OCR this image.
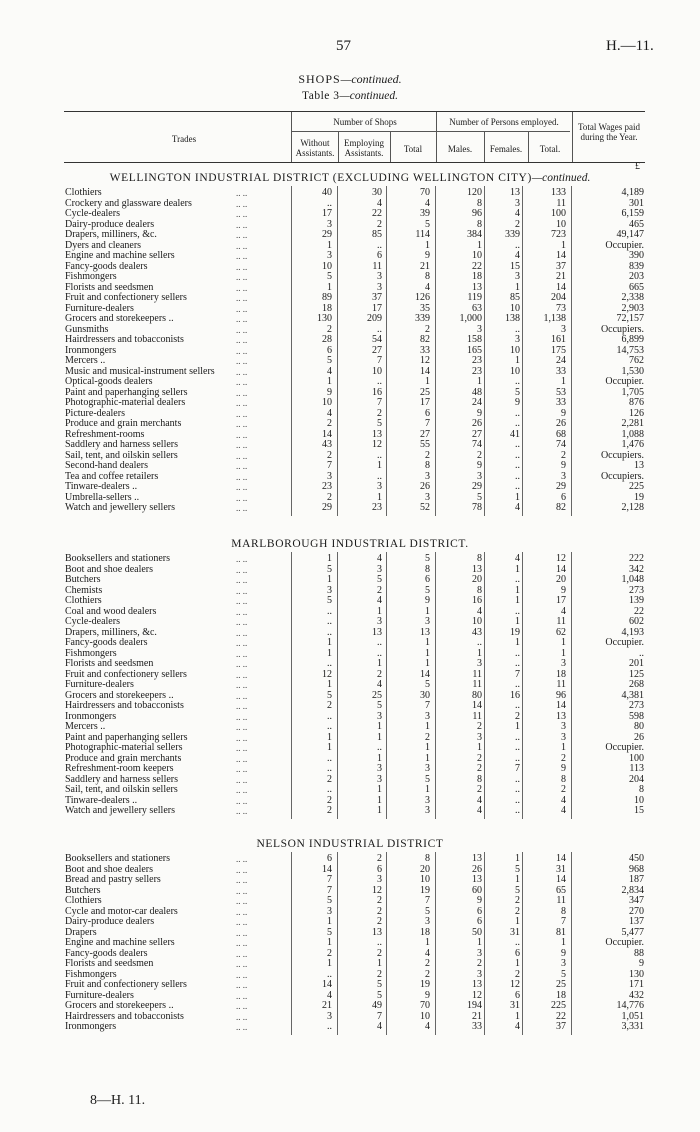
57	H.—11.
SHOPS—continued.
Table 3—continued.
Trades
Number of Shops
Without Assistants.
Employing Assistants.	Total
Number of Persons employed.
Males.	Females.	Total.
Total Wages paid during the Year.
£
WELLINGTON INDUSTRIAL DISTRICT (EXCLUDING WELLINGTON CITY)—continued.
Clothiers	.. ..	40	30	70	120	13	133	4,189
Crockery and glassware dealers	.. ..	..	4	4	8	3	11	301
Cycle-dealers	.. ..	17	22	39	96	4	100	6,159
Dairy-produce dealers	.. ..	3	2	5	8	2	10	465
Drapers, milliners, &c.	.. ..	29	85	114	384	339	723	49,147
Dyers and cleaners	.. ..	1	..	1	1	..	1	Occupier.
Engine and machine sellers	.. ..	3	6	9	10	4	14	390
Fancy-goods dealers	.. ..	10	11	21	22	15	37	839
Fishmongers	.. ..	5	3	8	18	3	21	203
Florists and seedsmen	.. ..	1	3	4	13	1	14	665
Fruit and confectionery sellers	.. ..	89	37	126	119	85	204	2,338
Furniture-dealers	.. ..	18	17	35	63	10	73	2,903
Grocers and storekeepers ..	.. ..	130	209	339	1,000	138	1,138	72,157
Gunsmiths	.. ..	2	..	2	3	..	3	Occupiers.
Hairdressers and tobacconists	.. ..	28	54	82	158	3	161	6,899
Ironmongers	.. ..	6	27	33	165	10	175	14,753
Mercers ..	.. ..	5	7	12	23	1	24	762
Music and musical-instrument sellers .. ..	4	10	14	23	10	33	1,530
Optical-goods dealers	.. ..	1	..	1	1	..	1	Occupier.
Paint and paperhanging sellers	.. ..	9	16	25	48	5	53	1,705
Photographic-material dealers	.. ..	10	7	17	24	9	33	876
Picture-dealers	.. ..	4	2	6	9	..	9	126
Produce and grain merchants	.. ..	2	5	7	26	..	26	2,281
Refreshment-rooms	.. ..	14	13	27	27	41	68	1,088
Saddlery and harness sellers	.. ..	43	12	55	74	..	74	1,476
Sail, tent, and oilskin sellers	.. ..	2	..	2	2	..	2	Occupiers.
Second-hand dealers	.. ..	7	1	8	9	..	9	13
Tea and coffee retailers	.. ..	3	..	3	3	..	3	Occupiers.
Tinware-dealers ..	.. ..	23	3	26	29	..	29	225
Umbrella-sellers ..	.. ..	2	1	3	5	1	6	19
Watch and jewellery sellers	.. ..	29	23	52	78	4	82	2,128
MARLBOROUGH INDUSTRIAL DISTRICT.
Booksellers and stationers	.. ..	1	4	5	8	4	12	222
Boot and shoe dealers	.. ..	5	3	8	13	1	14	342
Butchers	.. ..	1	5	6	20	..	20	1,048
Chemists	.. ..	3	2	5	8	1	9	273
Clothiers	.. ..	5	4	9	16	1	17	139
Coal and wood dealers	.. ..	..	1	1	4	..	4	22
Cycle-dealers	.. ..	..	3	3	10	1	11	602
Drapers, milliners, &c.	.. ..	..	13	13	43	19	62	4,193
Fancy-goods dealers	.. ..	1	..	1	..	1	1	Occupier.
Fishmongers	.. ..	1	..	1	1	..	1	..
Florists and seedsmen	.. ..	..	1	1	3	..	3	201
Fruit and confectionery sellers	.. ..	12	2	14	11	7	18	125
Furniture-dealers	.. ..	1	4	5	11	..	11	268
Grocers and storekeepers ..	.. ..	5	25	30	80	16	96	4,381
Hairdressers and tobacconists	.. ..	2	5	7	14	..	14	273
Ironmongers	.. ..	..	3	3	11	2	13	598
Mercers ..	.. ..	..	1	1	2	1	3	80
Paint and paperhanging sellers	.. ..	1	1	2	3	..	3	26
Photographic-material sellers	.. ..	1	..	1	1	..	1	Occupier.
Produce and grain merchants	.. ..	..	1	1	2	..	2	100
Refreshment-room keepers	.. ..	..	3	3	2	7	9	113
Saddlery and harness sellers	.. ..	2	3	5	8	..	8	204
Sail, tent, and oilskin sellers	.. ..	..	1	1	2	..	2	8
Tinware-dealers ..	.. ..	2	1	3	4	..	4	10
Watch and jewellery sellers	.. ..	2	1	3	4	..	4	15
NELSON INDUSTRIAL DISTRICT
Booksellers and stationers	.. ..	6	2	8	13	1	14	450
Boot and shoe dealers	.. ..	14	6	20	26	5	31	968
Bread and pastry sellers	.. ..	7	3	10	13	1	14	187
Butchers	.. ..	7	12	19	60	5	65	2,834
Clothiers	.. ..	5	2	7	9	2	11	347
Cycle and motor-car dealers	.. ..	3	2	5	6	2	8	270
Dairy-produce dealers	.. ..	1	2	3	6	1	7	137
Drapers	.. ..	5	13	18	50	31	81	5,477
Engine and machine sellers	.. ..	1	..	1	1	..	1	Occupier.
Fancy-goods dealers	.. ..	2	2	4	3	6	9	88
Florists and seedsmen	.. ..	1	1	2	2	1	3	9
Fishmongers	.. ..	..	2	2	3	2	5	130
Fruit and confectionery sellers	.. ..	14	5	19	13	12	25	171
Furniture-dealers	.. ..	4	5	9	12	6	18	432
Grocers and storekeepers ..	.. ..	21	49	70	194	31	225	14,776
Hairdressers and tobacconists	.. ..	3	7	10	21	1	22	1,051
Ironmongers	.. ..	..	4	4	33	4	37	3,331
8—H. 11.
